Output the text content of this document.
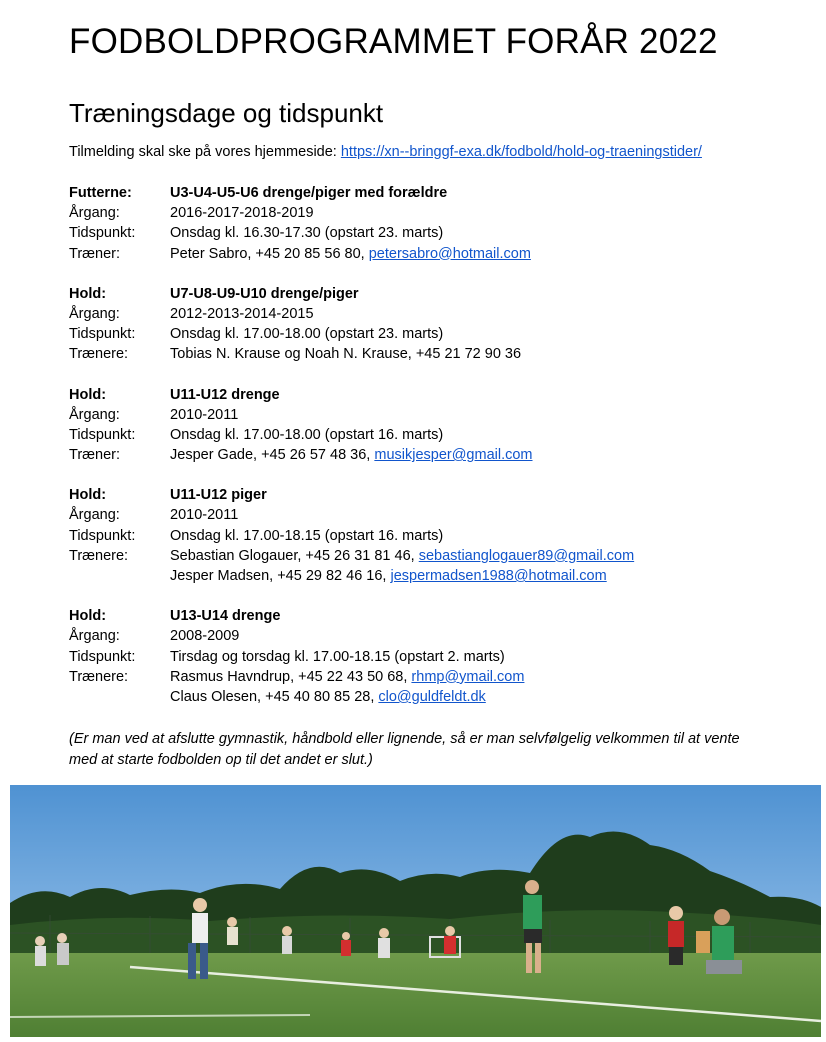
FODBOLDPROGRAMMET FORÅR 2022
Træningsdage og tidspunkt
Tilmelding skal ske på vores hjemmeside: https://xn--bringgf-exa.dk/fodbold/hold-og-traeningstider/
Futterne:	U3-U4-U5-U6 drenge/piger med forældre
Årgang:	2016-2017-2018-2019
Tidspunkt:	Onsdag kl. 16.30-17.30 (opstart 23. marts)
Træner:	Peter Sabro, +45 20 85 56 80, petersabro@hotmail.com
Hold:	U7-U8-U9-U10 drenge/piger
Årgang:	2012-2013-2014-2015
Tidspunkt:	Onsdag kl. 17.00-18.00 (opstart 23. marts)
Trænere:	Tobias N. Krause og Noah N. Krause, +45 21 72 90 36
Hold:	U11-U12 drenge
Årgang:	2010-2011
Tidspunkt:	Onsdag kl. 17.00-18.00 (opstart 16. marts)
Træner:	Jesper Gade, +45 26 57 48 36, musikjesper@gmail.com
Hold:	U11-U12 piger
Årgang:	2010-2011
Tidspunkt:	Onsdag kl. 17.00-18.15 (opstart 16. marts)
Trænere:	Sebastian Glogauer, +45 26 31 81 46, sebastianglogauer89@gmail.com
Jesper Madsen, +45 29 82 46 16, jespermadsen1988@hotmail.com
Hold:	U13-U14 drenge
Årgang:	2008-2009
Tidspunkt:	Tirsdag og torsdag kl. 17.00-18.15 (opstart 2. marts)
Trænere:	Rasmus Havndrup, +45 22 43 50 68, rhmp@ymail.com
Claus Olesen, +45 40 80 85 28, clo@guldfeldt.dk
(Er man ved at afslutte gymnastik, håndbold eller lignende, så er man selvfølgelig velkommen til at vente med at starte fodbolden op til det andet er slut.)
